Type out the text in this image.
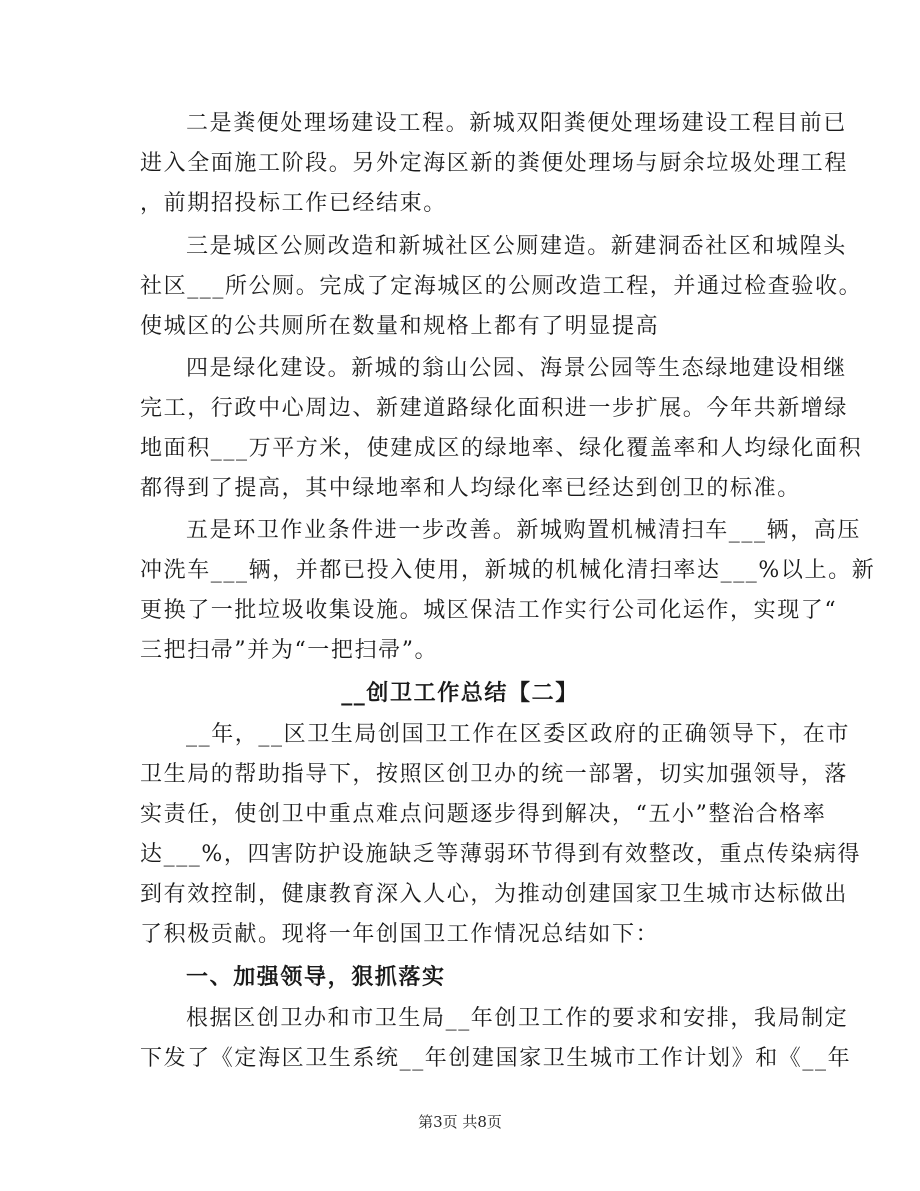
二是粪便处理场建设工程。新城双阳粪便处理场建设工程目前已
进入全面施工阶段。另外定海区新的粪便处理场与厨余垃圾处理工程
，前期招投标工作已经结束。
三是城区公厕改造和新城社区公厕建造。新建洞岙社区和城隍头
社区___所公厕。完成了定海城区的公厕改造工程，并通过检查验收。
使城区的公共厕所在数量和规格上都有了明显提高
四是绿化建设。新城的翁山公园、海景公园等生态绿地建设相继
完工，行政中心周边、新建道路绿化面积进一步扩展。今年共新增绿
地面积___万平方米，使建成区的绿地率、绿化覆盖率和人均绿化面积
都得到了提高，其中绿地率和人均绿化率已经达到创卫的标准。
五是环卫作业条件进一步改善。新城购置机械清扫车___辆，高压
冲洗车___辆，并都已投入使用，新城的机械化清扫率达___%以上。新
更换了一批垃圾收集设施。城区保洁工作实行公司化运作，实现了“
三把扫帚”并为“一把扫帚”。
__创卫工作总结【二】
__年，__区卫生局创国卫工作在区委区政府的正确领导下，在市
卫生局的帮助指导下，按照区创卫办的统一部署，切实加强领导，落
实责任，使创卫中重点难点问题逐步得到解决，“五小”整治合格率
达___%，四害防护设施缺乏等薄弱环节得到有效整改，重点传染病得
到有效控制，健康教育深入人心，为推动创建国家卫生城市达标做出
了积极贡献。现将一年创国卫工作情况总结如下：
一、加强领导，狠抓落实
根据区创卫办和市卫生局__年创卫工作的要求和安排，我局制定
下发了《定海区卫生系统__年创建国家卫生城市工作计划》和《__年
第3页 共8页
